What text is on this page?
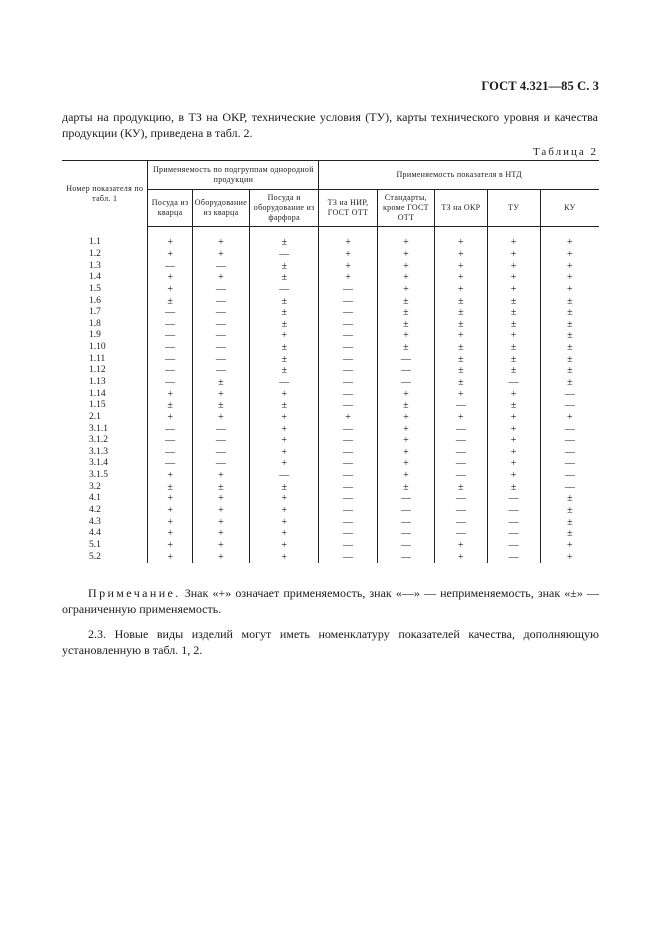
ГОСТ 4.321—85 С. 3
дарты на продукцию, в ТЗ на ОКР, технические условия (ТУ), карты технического уровня и качества продукции (КУ), приведена в табл. 2.
Таблица 2
Номер показателя по табл. 1	Применяемость по подгруппам однородной продукции			Применяемость показателя в НТД				
	Посуда из кварца	Оборудование из кварца	Посуда и оборудование из фарфора	ТЗ на НИР, ГОСТ ОТТ	Стандарты, кроме ГОСТ ОТТ	ТЗ на ОКР	ТУ	КУ
1.1	+	+	±	+	+	+	+	+
1.2	+	+	—	+	+	+	+	+
1.3	—	—	±	+	+	+	+	+
1.4	+	+	±	+	+	+	+	+
1.5	+	—	—	—	+	+	+	+
1.6	±	—	±	—	±	±	±	±
1.7	—	—	±	—	±	±	±	±
1.8	—	—	±	—	±	±	±	±
1.9	—	—	+	—	+	+	+	±
1.10	—	—	±	—	±	±	±	±
1.11	—	—	±	—	—	±	±	±
1.12	—	—	±	—	—	±	±	±
1.13	—	±	—	—	—	±	—	±
1.14	+	+	+	—	+	+	+	—
1.15	±	±	±	—	±	—	±	—
2.1	+	+	+	+	+	+	+	+
3.1.1	—	—	+	—	+	—	+	—
3.1.2	—	—	+	—	+	—	+	—
3.1.3	—	—	+	—	+	—	+	—
3.1.4	—	—	+	—	+	—	+	—
3.1.5	+	+	—	—	+	—	+	—
3.2	±	±	±	—	±	±	±	—
4.1	+	+	+	—	—	—	—	±
4.2	+	+	+	—	—	—	—	±
4.3	+	+	+	—	—	—	—	±
4.4	+	+	+	—	—	—	—	±
5.1	+	+	+	—	—	+	—	+
5.2	+	+	+	—	—	+	—	+
Примечание. Знак «+» означает применяемость, знак «—» — неприменяемость, знак «±» — ограниченную применяемость.
2.3. Новые виды изделий могут иметь номенклатуру показателей качества, дополняющую установленную в табл. 1, 2.
